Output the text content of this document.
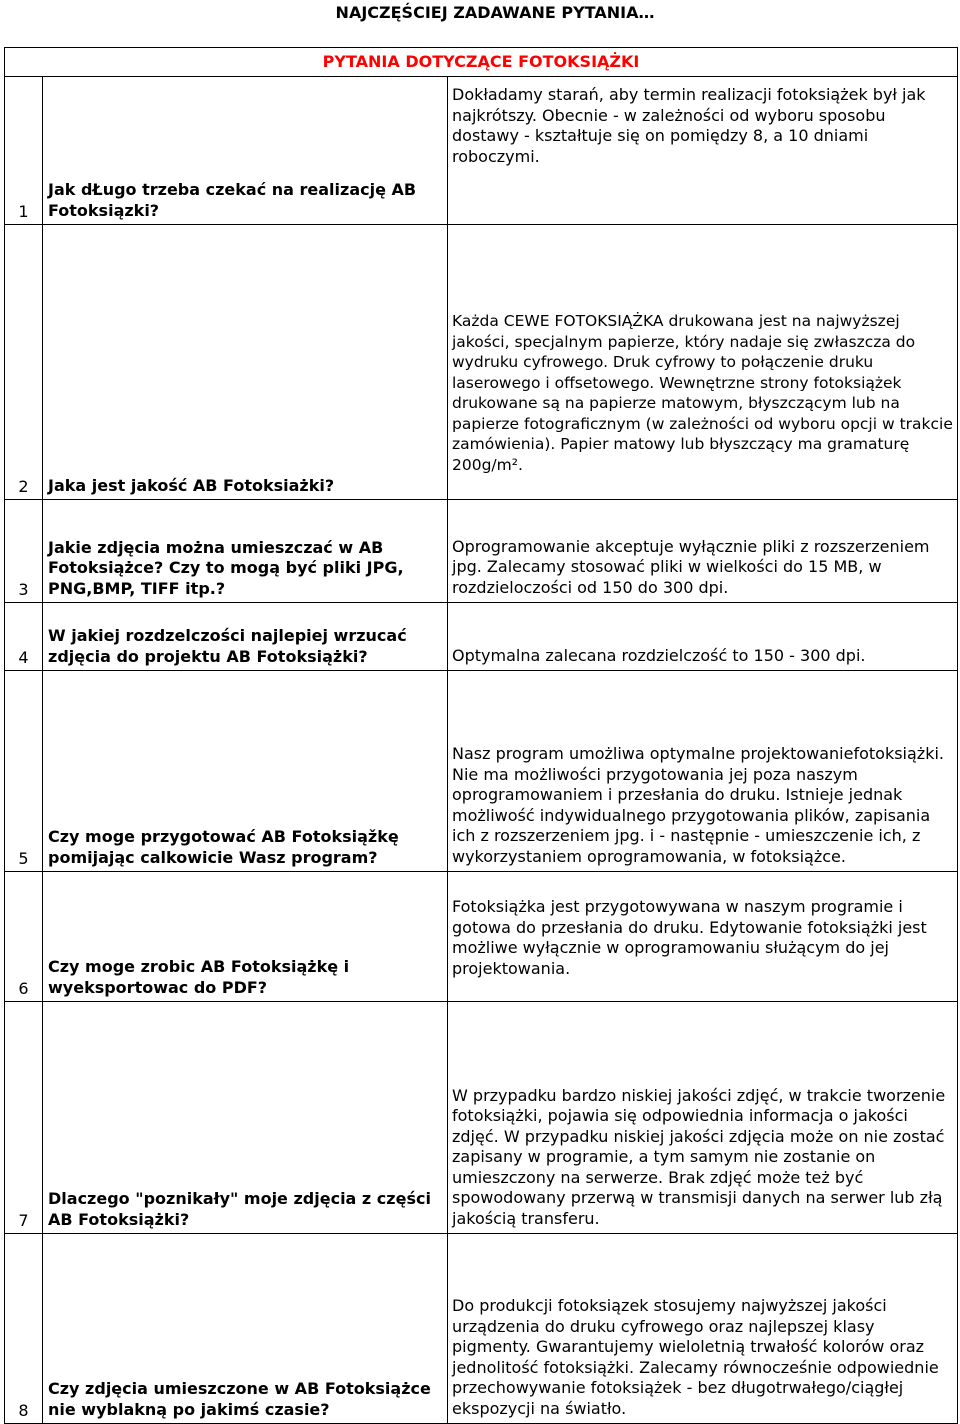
NAJCZĘŚCIEJ ZADAWANE PYTANIA…
PYTANIA DOTYCZĄCE FOTOKSIĄŻKI		
1	Jak dŁugo trzeba czekać na realizację AB Fotoksiązki?	Dokładamy starań, aby termin realizacji fotoksiążek był jak najkrótszy. Obecnie - w zależności od wyboru sposobu dostawy - kształtuje się on pomiędzy 8, a 10 dniami roboczymi.
2	Jaka jest jakość AB Fotoksiażki?	Każda CEWE FOTOKSIĄŻKA drukowana jest na najwyższej jakości, specjalnym papierze, który nadaje się zwłaszcza do wydruku cyfrowego. Druk cyfrowy to połączenie druku laserowego i offsetowego. Wewnętrzne strony fotoksiążek drukowane są na papierze matowym, błyszczącym lub na papierze fotograficznym (w zależności od wyboru opcji w trakcie zamówienia). Papier matowy lub błyszczący ma gramaturę 200g/m².
3	Jakie zdjęcia można umieszczać w AB Fotoksiążce? Czy to mogą być pliki JPG, PNG,BMP, TIFF itp.?	Oprogramowanie akceptuje wyłącznie pliki z rozszerzeniem jpg. Zalecamy stosować pliki w wielkości do 15 MB, w rozdzieloczości od 150 do 300 dpi.
4	W jakiej rozdzelczości najlepiej wrzucać zdjęcia do projektu AB Fotoksiążki?	Optymalna zalecana rozdzielczość to 150 - 300 dpi.
5	Czy moge przygotować AB Fotoksiąžkę pomijając calkowicie Wasz program?	Nasz program umożliwa optymalne projektowaniefotoksiążki. Nie ma możliwości przygotowania jej poza naszym oprogramowaniem i przesłania do druku. Istnieje jednak możliwość indywidualnego przygotowania plików, zapisania ich z rozszerzeniem jpg. i - następnie - umieszczenie ich, z wykorzystaniem oprogramowania, w fotoksiążce.
6	Czy moge zrobic AB Fotoksiążkę i wyeksportowac do PDF?	Fotoksiążka jest przygotowywana w naszym programie i gotowa do przesłania do druku. Edytowanie fotoksiążki jest możliwe wyłącznie w oprogramowaniu służącym do jej projektowania.
7	Dlaczego "poznikały" moje zdjęcia z części AB Fotoksiążki?	W przypadku bardzo niskiej jakości zdjęć, w trakcie tworzenie fotoksiążki, pojawia się odpowiednia informacja o jakości zdjęć. W przypadku niskiej jakości zdjęcia może on nie zostać zapisany w programie, a tym samym nie zostanie on umieszczony na serwerze. Brak zdjęć może też być spowodowany przerwą w transmisji danych na serwer lub złą jakością transferu.
8	Czy zdjęcia umieszczone w AB Fotoksiążce nie wyblakną po jakimś czasie?	Do produkcji fotoksiązek stosujemy najwyższej jakości urządzenia do druku cyfrowego oraz najlepszej klasy pigmenty. Gwarantujemy wieloletnią trwałość kolorów oraz jednolitość fotoksiążki. Zalecamy równocześnie odpowiednie przechowywanie fotoksiążek - bez długotrwałego/ciągłej ekspozycji na światło.
